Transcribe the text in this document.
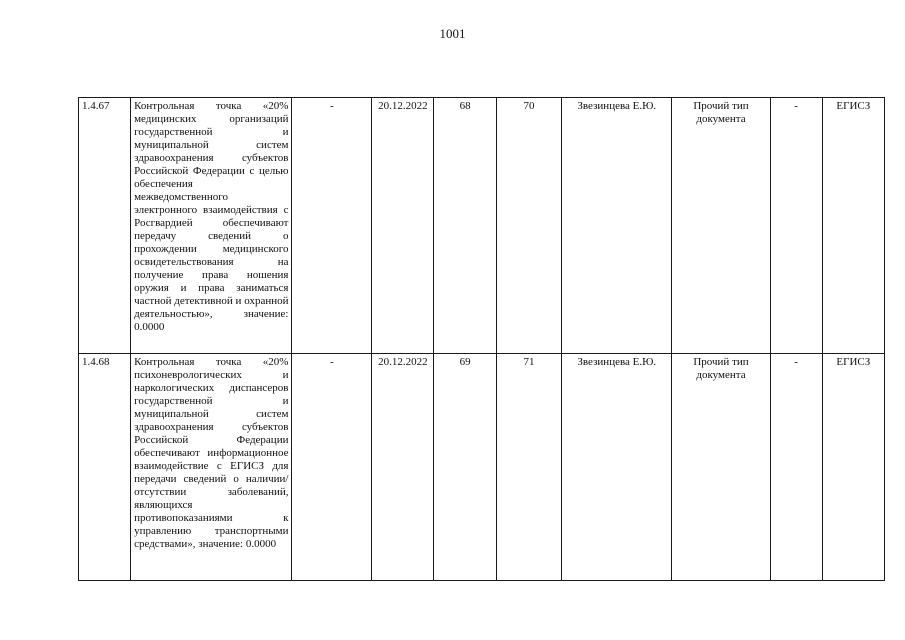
1001
1.4.67	Контрольная точка «20% медицинских организаций государственной и муниципальной систем здравоохранения субъектов Российской Федерации с целью обеспечения межведомственного электронного взаимодействия с Росгвардией обеспечивают передачу сведений о прохождении медицинского освидетельствования на получение права ношения оружия и права заниматься частной детективной и охранной деятельностью», значение: 0.0000	-	20.12.2022	68	70	Звезинцева Е.Ю.	Прочий тип документа	-	ЕГИСЗ
1.4.68	Контрольная точка «20% психоневрологических и наркологических диспансеров государственной и муниципальной систем здравоохранения субъектов Российской Федерации обеспечивают информационное взаимодействие с ЕГИСЗ для передачи сведений о наличии/отсутствии заболеваний, являющихся противопоказаниями к управлению транспортными средствами», значение: 0.0000	-	20.12.2022	69	71	Звезинцева Е.Ю.	Прочий тип документа	-	ЕГИСЗ
